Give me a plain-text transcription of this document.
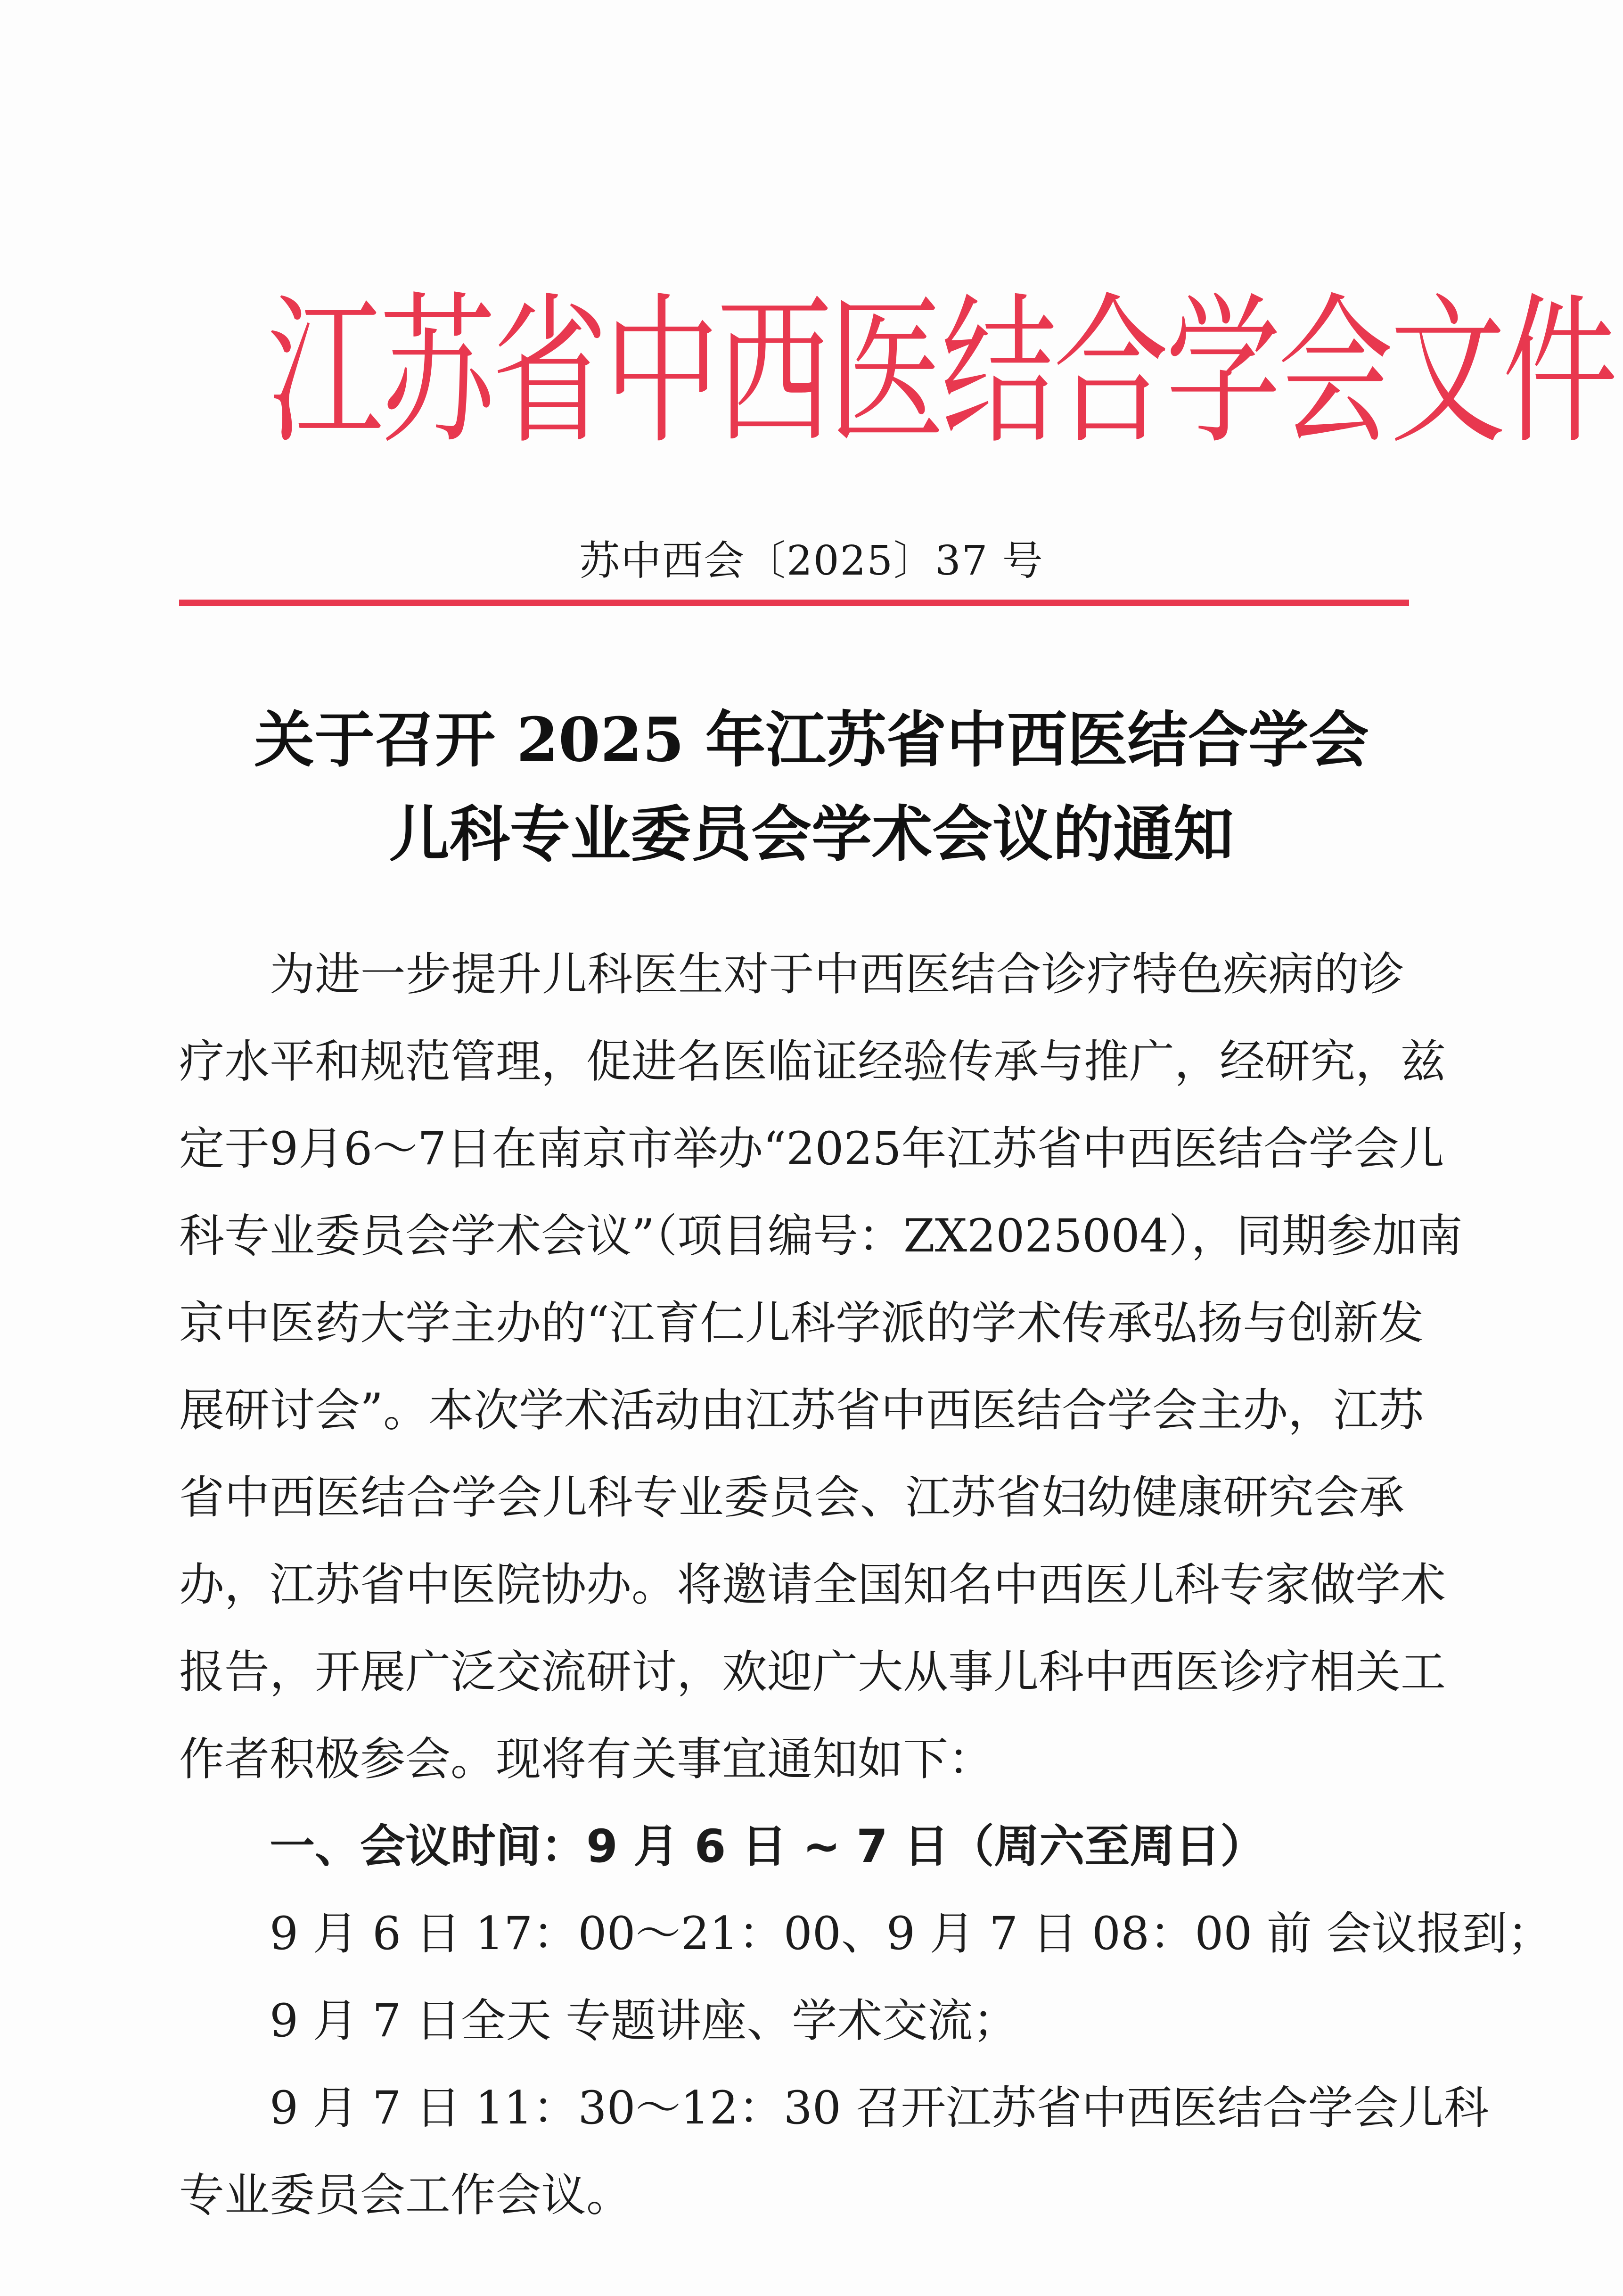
江苏省中西医结合学会文件
苏中西会〔2025〕37 号
关于召开 2025 年江苏省中西医结合学会
儿科专业委员会学术会议的通知
为进一步提升儿科医生对于中西医结合诊疗特色疾病的诊
疗水平和规范管理，促进名医临证经验传承与推广，经研究，兹
定于9月6～7日在南京市举办“2025年江苏省中西医结合学会儿
科专业委员会学术会议”（项目编号：ZX2025004），同期参加南
京中医药大学主办的“江育仁儿科学派的学术传承弘扬与创新发
展研讨会”。本次学术活动由江苏省中西医结合学会主办，江苏
省中西医结合学会儿科专业委员会、江苏省妇幼健康研究会承
办，江苏省中医院协办。将邀请全国知名中西医儿科专家做学术
报告，开展广泛交流研讨，欢迎广大从事儿科中西医诊疗相关工
作者积极参会。现将有关事宜通知如下：
一、会议时间：9 月 6 日 ~ 7 日（周六至周日）
9 月 6 日 17：00～21：00、9 月 7 日 08：00 前 会议报到；
9 月 7 日全天 专题讲座、学术交流；
9 月 7 日 11：30～12：30 召开江苏省中西医结合学会儿科
专业委员会工作会议。
